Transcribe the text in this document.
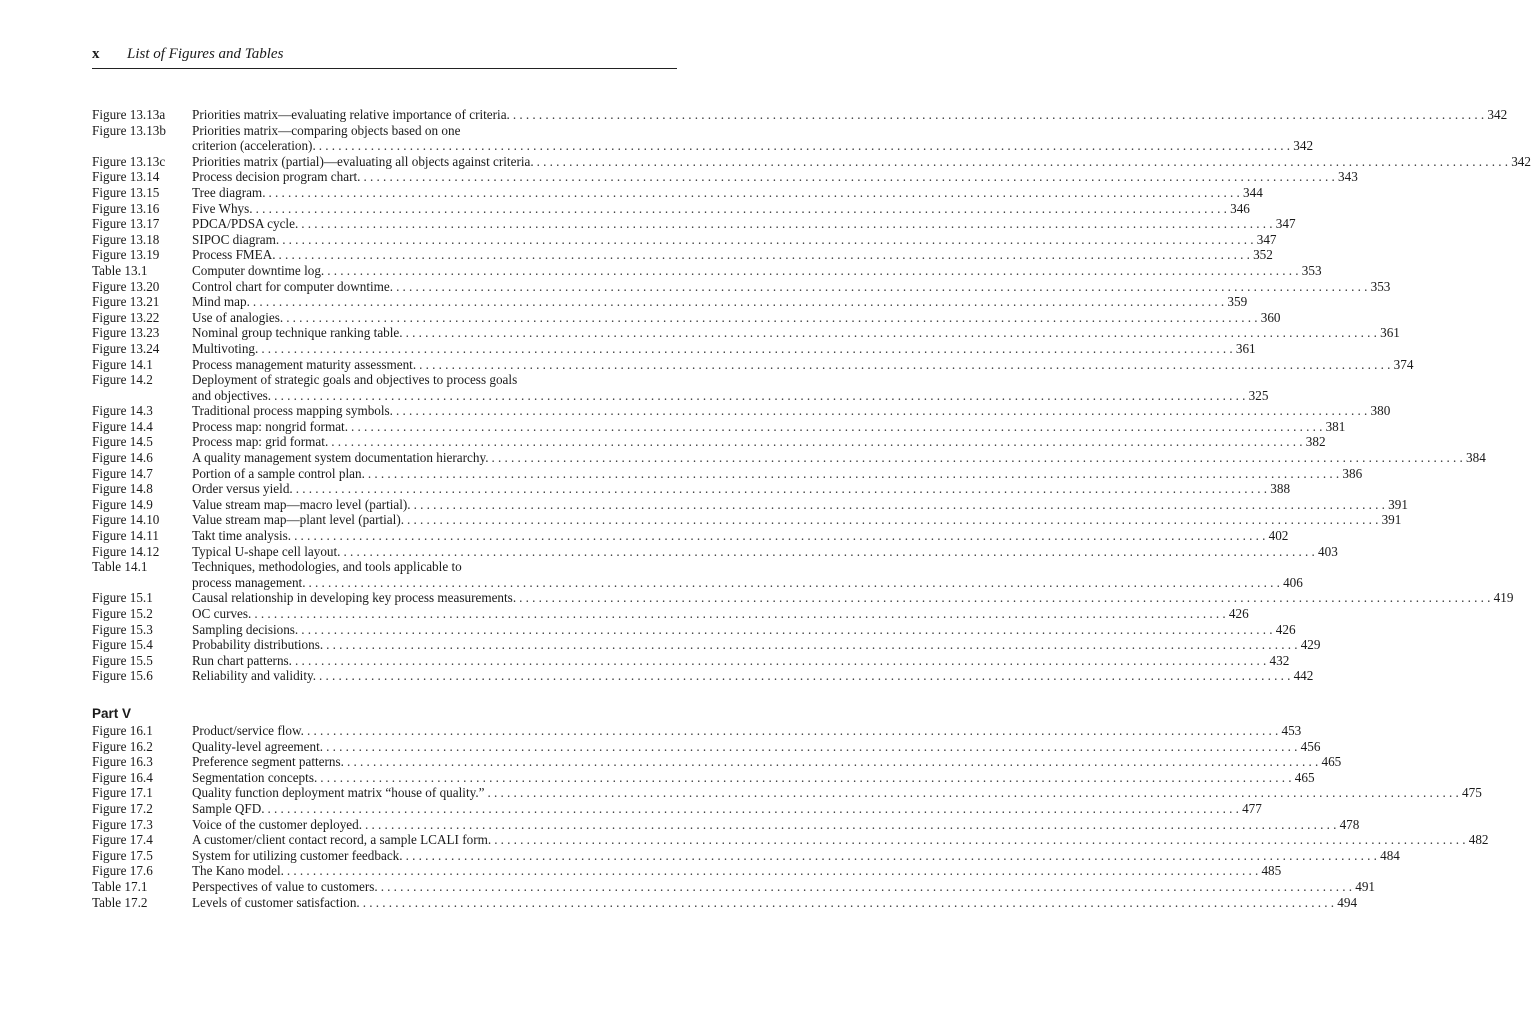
x List of Figures and Tables
Figure 13.13a	Priorities matrix—evaluating relative importance of criteria. ...................................................................................................................................................... 342
Figure 13.13b	Priorities matrix—comparing objects based on one
criterion (acceleration). ...................................................................................................................................................... 342
Figure 13.13c	Priorities matrix (partial)—evaluating all objects against criteria. ...................................................................................................................................................... 342
Figure 13.14	Process decision program chart. ...................................................................................................................................................... 343
Figure 13.15	Tree diagram. ...................................................................................................................................................... 344
Figure 13.16	Five Whys. ...................................................................................................................................................... 346
Figure 13.17	PDCA/PDSA cycle. ...................................................................................................................................................... 347
Figure 13.18	SIPOC diagram. ...................................................................................................................................................... 347
Figure 13.19	Process FMEA. ...................................................................................................................................................... 352
Table 13.1	Computer downtime log. ...................................................................................................................................................... 353
Figure 13.20	Control chart for computer downtime. ...................................................................................................................................................... 353
Figure 13.21	Mind map. ...................................................................................................................................................... 359
Figure 13.22	Use of analogies. ...................................................................................................................................................... 360
Figure 13.23	Nominal group technique ranking table. ...................................................................................................................................................... 361
Figure 13.24	Multivoting. ...................................................................................................................................................... 361
Figure 14.1	Process management maturity assessment. ...................................................................................................................................................... 374
Figure 14.2	Deployment of strategic goals and objectives to process goals
and objectives. ...................................................................................................................................................... 325
Figure 14.3	Traditional process mapping symbols. ...................................................................................................................................................... 380
Figure 14.4	Process map: nongrid format. ...................................................................................................................................................... 381
Figure 14.5	Process map: grid format. ...................................................................................................................................................... 382
Figure 14.6	A quality management system documentation hierarchy. ...................................................................................................................................................... 384
Figure 14.7	Portion of a sample control plan. ...................................................................................................................................................... 386
Figure 14.8	Order versus yield. ...................................................................................................................................................... 388
Figure 14.9	Value stream map—macro level (partial). ...................................................................................................................................................... 391
Figure 14.10	Value stream map—plant level (partial). ...................................................................................................................................................... 391
Figure 14.11	Takt time analysis. ...................................................................................................................................................... 402
Figure 14.12	Typical U-shape cell layout. ...................................................................................................................................................... 403
Table 14.1	Techniques, methodologies, and tools applicable to
process management. ...................................................................................................................................................... 406
Figure 15.1	Causal relationship in developing key process measurements. ...................................................................................................................................................... 419
Figure 15.2	OC curves. ...................................................................................................................................................... 426
Figure 15.3	Sampling decisions. ...................................................................................................................................................... 426
Figure 15.4	Probability distributions. ...................................................................................................................................................... 429
Figure 15.5	Run chart patterns. ...................................................................................................................................................... 432
Figure 15.6	Reliability and validity. ...................................................................................................................................................... 442
Part V
Figure 16.1	Product/service flow. ...................................................................................................................................................... 453
Figure 16.2	Quality-level agreement. ...................................................................................................................................................... 456
Figure 16.3	Preference segment patterns. ...................................................................................................................................................... 465
Figure 16.4	Segmentation concepts. ...................................................................................................................................................... 465
Figure 17.1	Quality function deployment matrix “house of quality.” ...................................................................................................................................................... 475
Figure 17.2	Sample QFD. ...................................................................................................................................................... 477
Figure 17.3	Voice of the customer deployed. ...................................................................................................................................................... 478
Figure 17.4	A customer/client contact record, a sample LCALI form. ...................................................................................................................................................... 482
Figure 17.5	System for utilizing customer feedback. ...................................................................................................................................................... 484
Figure 17.6	The Kano model. ...................................................................................................................................................... 485
Table 17.1	Perspectives of value to customers. ...................................................................................................................................................... 491
Table 17.2	Levels of customer satisfaction. ...................................................................................................................................................... 494
